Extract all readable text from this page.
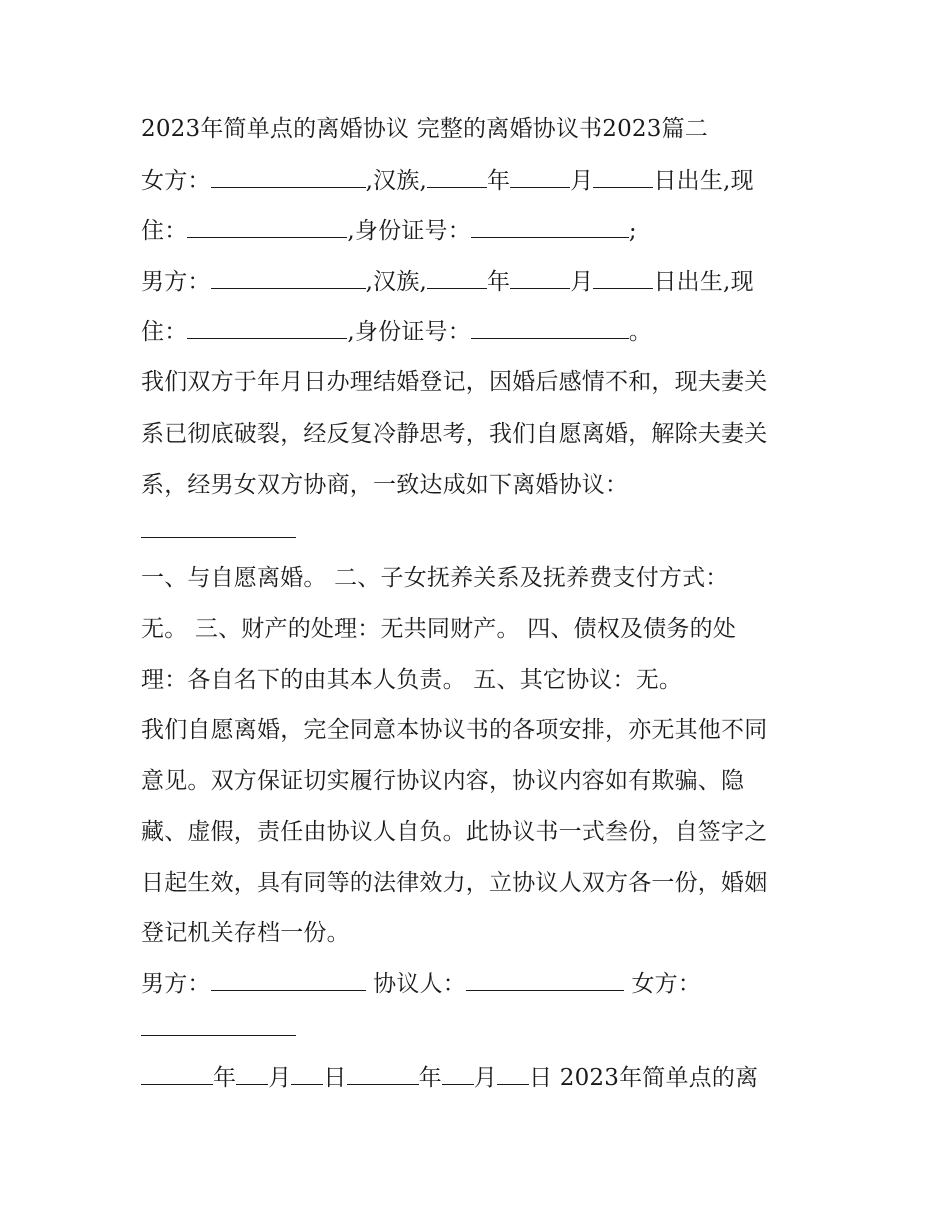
2023年简单点的离婚协议 完整的离婚协议书2023篇二
女方：	,汉族,	年	月	日出生,现
住：	,身份证号：	;
男方：	,汉族,	年	月	日出生,现
住：	,身份证号：	。
我们双方于年月日办理结婚登记，因婚后感情不和，现夫妻关
系已彻底破裂，经反复冷静思考，我们自愿离婚，解除夫妻关
系，经男女双方协商，一致达成如下离婚协议：
一、与自愿离婚。 二、子女抚养关系及抚养费支付方式：
无。 三、财产的处理：无共同财产。 四、债权及债务的处
理：各自名下的由其本人负责。 五、其它协议：无。
我们自愿离婚，完全同意本协议书的各项安排，亦无其他不同
意见。双方保证切实履行协议内容，协议内容如有欺骗、隐
藏、虚假，责任由协议人自负。此协议书一式叁份，自签字之
日起生效，具有同等的法律效力，立协议人双方各一份，婚姻
登记机关存档一份。
男方：	协议人：	女方：
年 月 日	年 月 日 2023年简单点的离
